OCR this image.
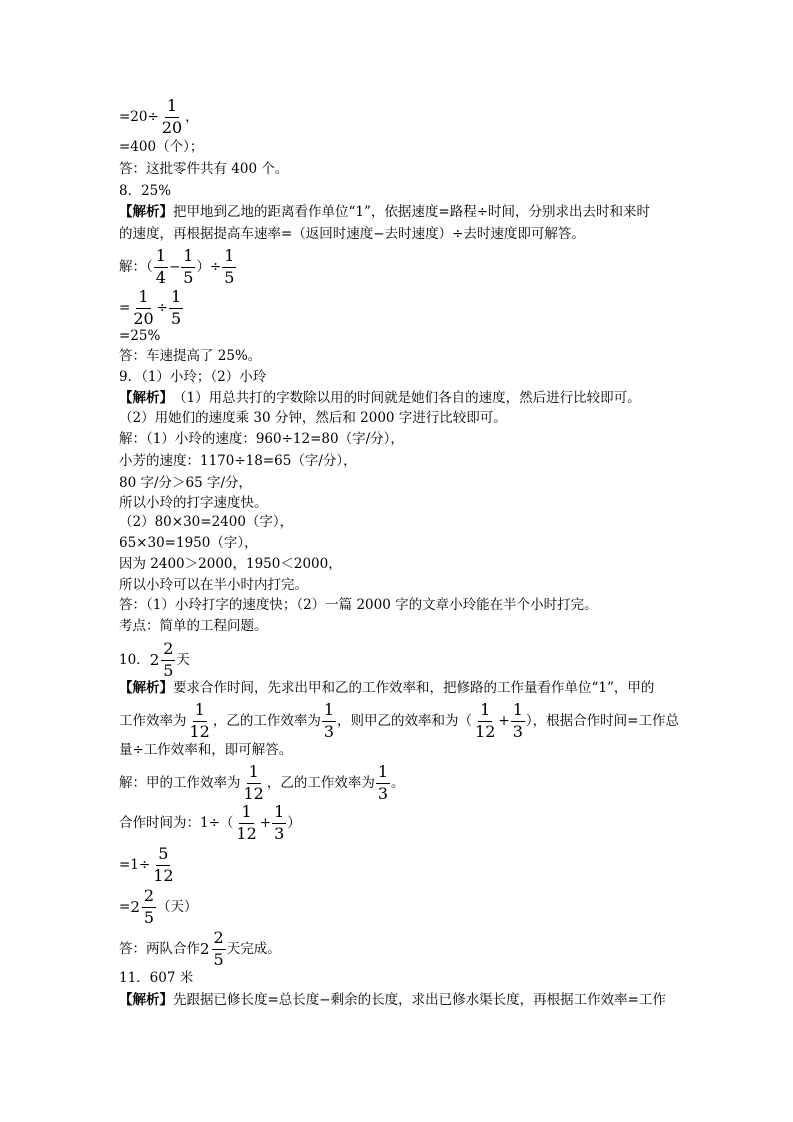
$=20\div \frac{1}{20}$ ，
=400（个）；
答：这批零件共有 400 个。
8．25%
【解析】 把甲地到乙地的距离看作单位“1”，依据速度=路程÷时间，分别求出去时和来时
的速度，再根据提高车速率=（返回时速度−去时速度）÷去时速度即可解答。
解：（ $\frac{1}{4} - \frac{1}{5}$ ）÷ $\frac{1}{5}$
= $\frac{1}{20} \div \frac{1}{5}$
=25%
答：车速提高了 25%。
9．（1）小玲；（2）小玲
【解析】 （1）用总共打的字数除以用的时间就是她们各自的速度，然后进行比较即可。
（2）用她们的速度乘 30 分钟，然后和 2000 字进行比较即可。
解：（1）小玲的速度：960÷12=80（字/分），
小芳的速度：1170÷18=65（字/分），
80 字/分＞65 字/分，
所以小玲的打字速度快。
（2）80×30=2400（字），
65×30=1950（字），
因为 2400＞2000，1950＜2000，
所以小玲可以在半小时内打完。
答：（1）小玲打字的速度快；（2）一篇 2000 字的文章小玲能在半个小时打完。
考点：简单的工程问题。
10． $2 \frac{2}{5}$ 天
【解析】 要求合作时间，先求出甲和乙的工作效率和，把修路的工作量看作单位“1”，甲的
工作效率为 $\frac{1}{12}$ ，乙的工作效率为 $\frac{1}{3}$ ，则甲乙的效率和为（ $\frac{1}{12} + \frac{1}{3}$ ），根据合作时间=工作总
量÷工作效率和，即可解答。
解：甲的工作效率为 $\frac{1}{12}$ ，乙的工作效率为 $\frac{1}{3}$ 。
合作时间为：$1\div( \frac{1}{12} + \frac{1}{3}$ ）
$=1\div \frac{5}{12}$
= $2 \frac{2}{5}$ （天）
答：两队合作 $2 \frac{2}{5}$ 天完成。
11．607 米
【解析】 先跟据已修长度=总长度−剩余的长度，求出已修水渠长度，再根据工作效率=工作
